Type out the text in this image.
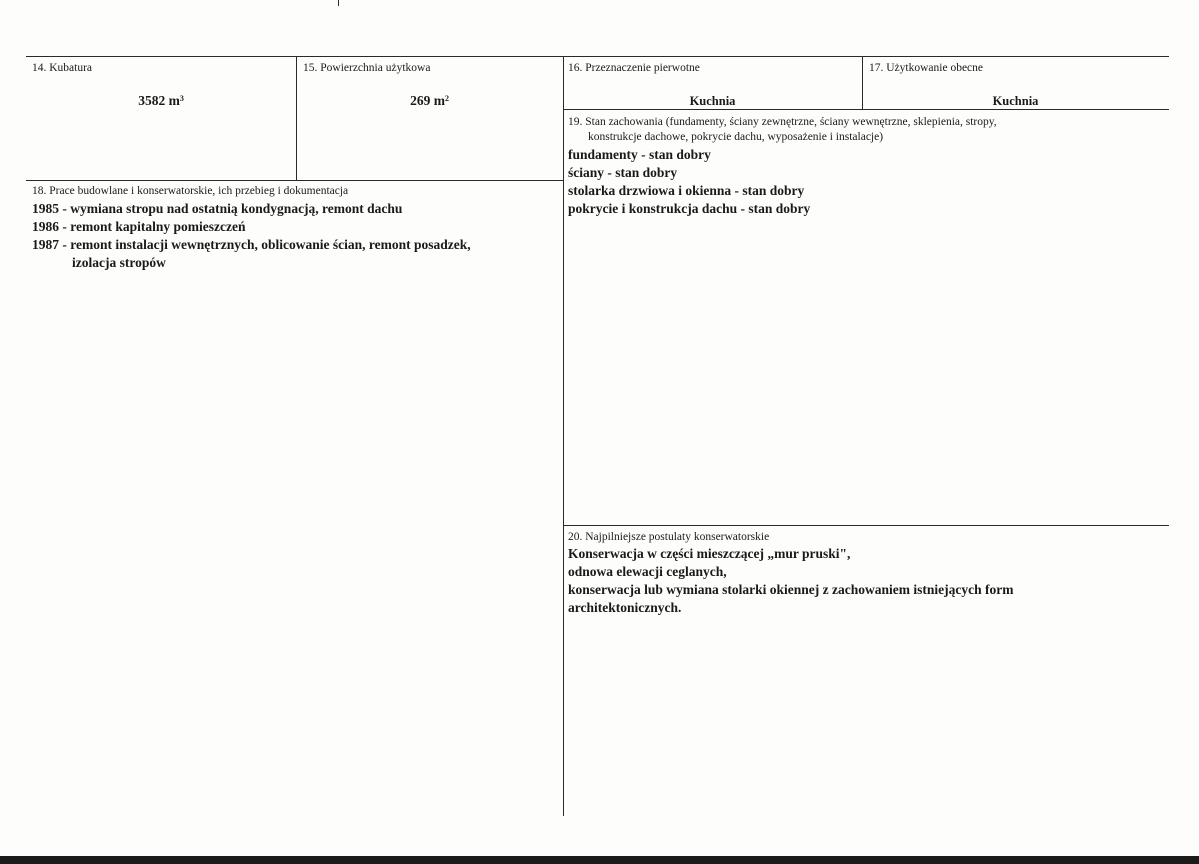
14. Kubatura
3582 $m^3$
15. Powierzchnia użytkowa
269 $m^2$
16. Przeznaczenie pierwotne
Kuchnia
17. Użytkowanie obecne
Kuchnia
19. Stan zachowania (fundamenty, ściany zewnętrzne, ściany wewnętrzne, sklepienia, stropy,
konstrukcje dachowe, pokrycie dachu, wyposażenie i instalacje)
fundamenty - stan dobry
ściany - stan dobry
stolarka drzwiowa i okienna - stan dobry
pokrycie i konstrukcja dachu - stan dobry
18. Prace budowlane i konserwatorskie, ich przebieg i dokumentacja
1985 - wymiana stropu nad ostatnią kondygnacją, remont dachu
1986 - remont kapitalny pomieszczeń
1987 - remont instalacji wewnętrznych, oblicowanie ścian, remont posadzek,
izolacja stropów
20. Najpilniejsze postulaty konserwatorskie
Konserwacja w części mieszczącej „mur pruski",
odnowa elewacji ceglanych,
konserwacja lub wymiana stolarki okiennej z zachowaniem istniejących form
architektonicznych.
